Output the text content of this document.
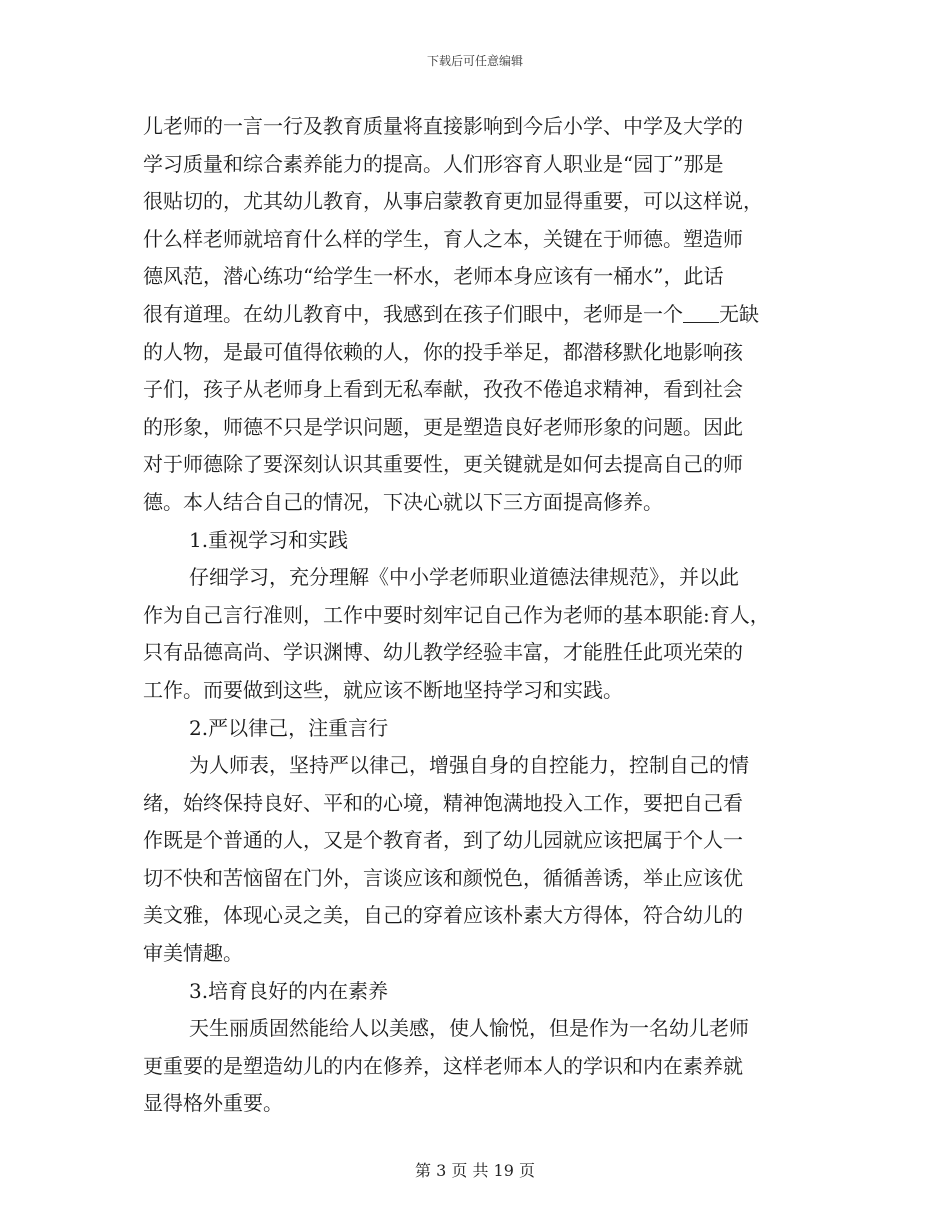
下载后可任意编辑
儿老师的一言一行及教育质量将直接影响到今后小学、中学及大学的
学习质量和综合素养能力的提高。人们形容育人职业是“园丁”那是
很贴切的，尤其幼儿教育，从事启蒙教育更加显得重要，可以这样说，
什么样老师就培育什么样的学生，育人之本，关键在于师德。塑造师
德风范，潜心练功“给学生一杯水，老师本身应该有一桶水”，此话
很有道理。在幼儿教育中，我感到在孩子们眼中，老师是一个 无缺
的人物，是最可值得依赖的人，你的投手举足，都潜移默化地影响孩
子们，孩子从老师身上看到无私奉献，孜孜不倦追求精神，看到社会
的形象，师德不只是学识问题，更是塑造良好老师形象的问题。因此
对于师德除了要深刻认识其重要性，更关键就是如何去提高自己的师
德。本人结合自己的情况，下决心就以下三方面提高修养。
1.重视学习和实践
仔细学习，充分理解《中小学老师职业道德法律规范》，并以此
作为自己言行准则，工作中要时刻牢记自己作为老师的基本职能:育人，
只有品德高尚、学识渊博、幼儿教学经验丰富，才能胜任此项光荣的
工作。而要做到这些，就应该不断地坚持学习和实践。
2.严以律己，注重言行
为人师表，坚持严以律己，增强自身的自控能力，控制自己的情
绪，始终保持良好、平和的心境，精神饱满地投入工作，要把自己看
作既是个普通的人，又是个教育者，到了幼儿园就应该把属于个人一
切不快和苦恼留在门外，言谈应该和颜悦色，循循善诱，举止应该优
美文雅，体现心灵之美，自己的穿着应该朴素大方得体，符合幼儿的
审美情趣。
3.培育良好的内在素养
天生丽质固然能给人以美感，使人愉悦，但是作为一名幼儿老师
更重要的是塑造幼儿的内在修养，这样老师本人的学识和内在素养就
显得格外重要。
第 3 页 共 19 页
